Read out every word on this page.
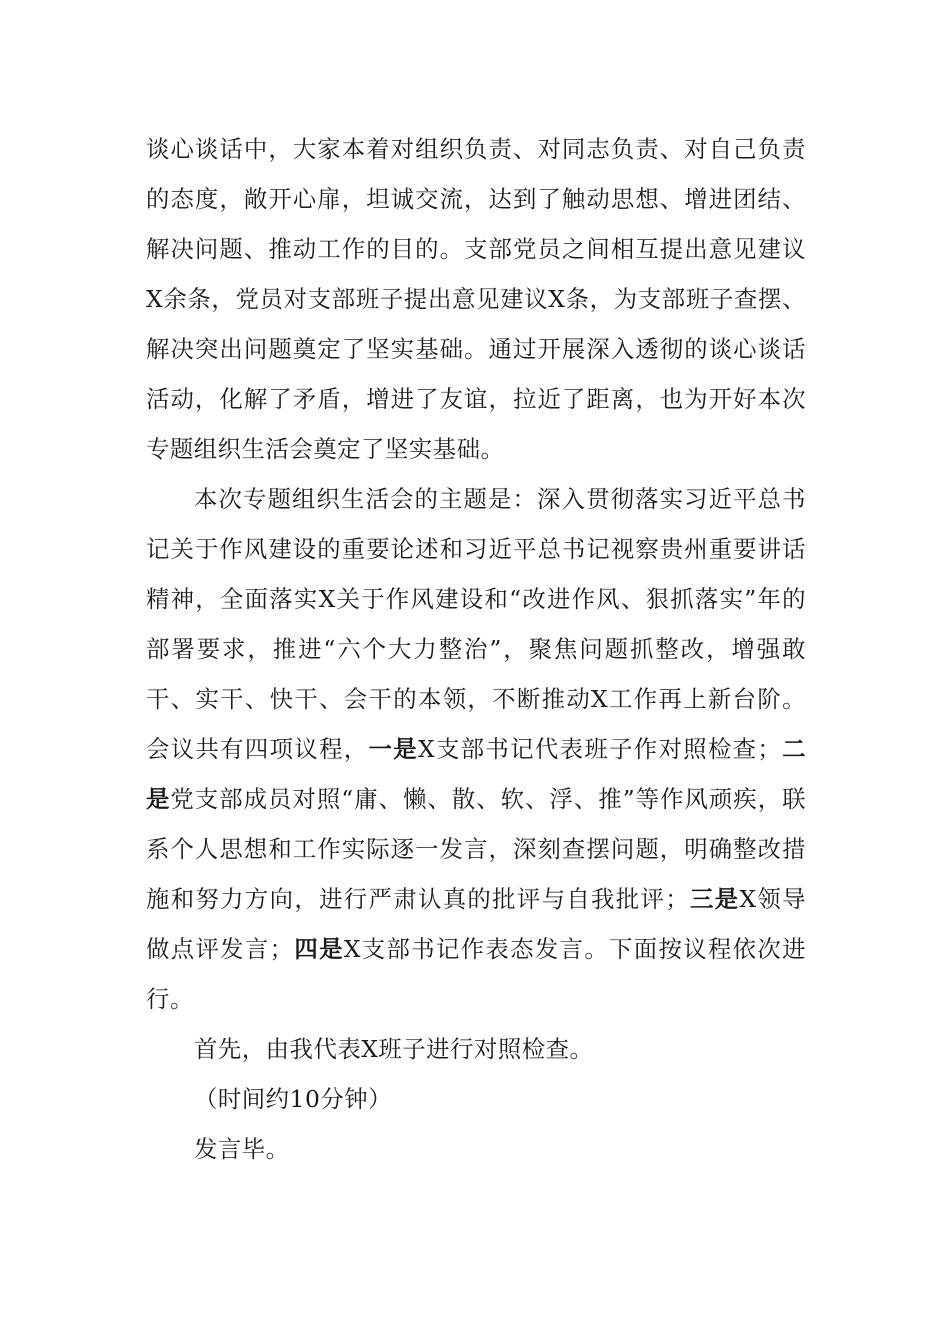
谈心谈话中，大家本着对组织负责、对同志负责、对自己负责的态度，敞开心扉，坦诚交流，达到了触动思想、增进团结、解决问题、推动工作的目的。支部党员之间相互提出意见建议X余条，党员对支部班子提出意见建议X条，为支部班子查摆、解决突出问题奠定了坚实基础。通过开展深入透彻的谈心谈话活动，化解了矛盾，增进了友谊，拉近了距离，也为开好本次专题组织生活会奠定了坚实基础。

本次专题组织生活会的主题是：深入贯彻落实习近平总书记关于作风建设的重要论述和习近平总书记视察贵州重要讲话精神，全面落实X关于作风建设和“改进作风、狠抓落实”年的部署要求，推进“六个大力整治”，聚焦问题抓整改，增强敢干、实干、快干、会干的本领，不断推动X工作再上新台阶。会议共有四项议程，一是X支部书记代表班子作对照检查；二是党支部成员对照“庸、懒、散、软、浮、推”等作风顽疾，联系个人思想和工作实际逐一发言，深刻查摆问题，明确整改措施和努力方向，进行严肃认真的批评与自我批评；三是X领导做点评发言；四是X支部书记作表态发言。下面按议程依次进行。

首先，由我代表X班子进行对照检查。

（时间约10分钟）

发言毕。
